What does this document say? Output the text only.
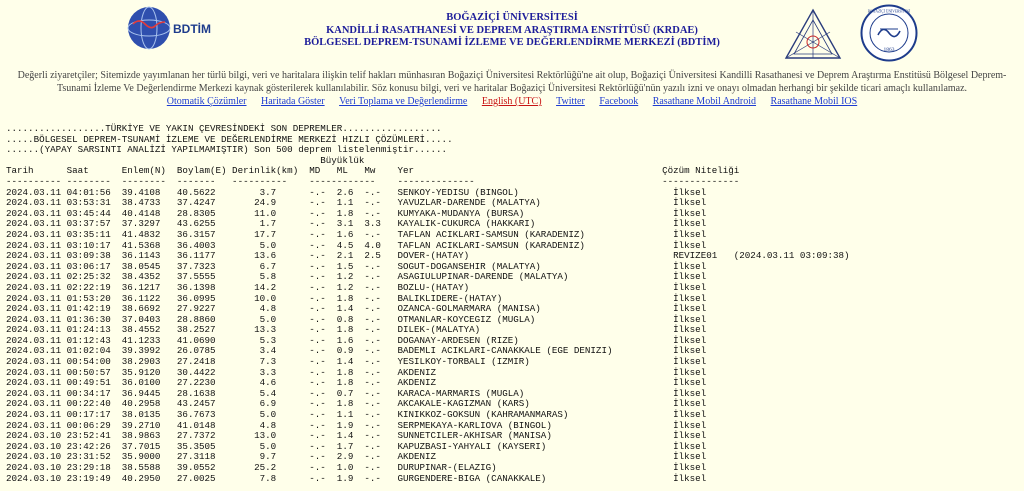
BDTİM
BOĞAZİÇİ ÜNİVERSİTESİ
KANDİLLİ RASATHANESİ VE DEPREM ARAŞTIRMA ENSTİTÜSÜ (KRDAE)
BÖLGESEL DEPREM-TSUNAMİ İZLEME VE DEĞERLENDİRME MERKEZİ (BDTİM)
1863
BOĞAZİÇİ ÜNİVERSİTESİ
Değerli ziyaretçiler; Sitemizde yayımlanan her türlü bilgi, veri ve haritalara ilişkin telif hakları münhasıran Boğaziçi Üniversitesi Rektörlüğü'ne ait olup, Boğaziçi Üniversitesi Kandilli Rasathanesi ve Deprem Araştırma Enstitüsü Bölgesel Deprem-Tsunami İzleme Ve Değerlendirme Merkezi kaynak gösterilerek kullanılabilir. Söz konusu bilgi, veri ve haritalar Boğaziçi Üniversitesi Rektörlüğü'nün yazılı izni ve onayı olmadan herhangi bir şekilde ticari amaçlı kullanılamaz.
Otomatik Çözümler Haritada Göster Veri Toplama ve Değerlendirme English (UTC) Twitter Facebook Rasathane Mobil Android Rasathane Mobil IOS
..................TÜRKİYE VE YAKIN ÇEVRESİNDEKİ SON DEPREMLER..................
.....BÖLGESEL DEPREM-TSUNAMİ İZLEME VE DEĞERLENDİRME MERKEZİ HIZLI ÇÖZÜMLERİ.....
......(YAPAY SARSINTI ANALİZİ YAPILMAMIŞTIR) Son 500 deprem listelenmiştir......
Büyüklük
Tarih      Saat      Enlem(N)  Boylam(E) Derinlik(km)  MD   ML   Mw    Yer                                             Çözüm Niteliği
---------- --------  --------  -------   ----------    ------------    --------------                                  --------------
2024.03.11 04:01:56  39.4108   40.5622        3.7      -.-  2.6  -.-   SENKOY-YEDISU (BINGOL)                            İlksel
2024.03.11 03:53:31  38.4733   37.4247       24.9      -.-  1.1  -.-   YAVUZLAR-DARENDE (MALATYA)                        İlksel
2024.03.11 03:45:44  40.4148   28.8305       11.0      -.-  1.8  -.-   KUMYAKA-MUDANYA (BURSA)                           İlksel
2024.03.11 03:37:57  37.3297   43.6255        1.7      -.-  3.1  3.3   KAYALIK-CUKURCA (HAKKARI)                         İlksel
2024.03.11 03:35:11  41.4832   36.3157       17.7      -.-  1.6  -.-   TAFLAN ACIKLARI-SAMSUN (KARADENIZ)                İlksel
2024.03.11 03:10:17  41.5368   36.4003        5.0      -.-  4.5  4.0   TAFLAN ACIKLARI-SAMSUN (KARADENIZ)                İlksel
2024.03.11 03:09:38  36.1143   36.1177       13.6      -.-  2.1  2.5   DOVER-(HATAY)                                     REVIZE01   (2024.03.11 03:09:38)
2024.03.11 03:06:17  38.0545   37.7323        6.7      -.-  1.5  -.-   SOGUT-DOGANSEHIR (MALATYA)                        İlksel
2024.03.11 02:25:32  38.4352   37.5555        5.8      -.-  1.2  -.-   ASAGIULUPINAR-DARENDE (MALATYA)                   İlksel
2024.03.11 02:22:19  36.1217   36.1398       14.2      -.-  1.2  -.-   BOZLU-(HATAY)                                     İlksel
2024.03.11 01:53:20  36.1122   36.0995       10.0      -.-  1.8  -.-   BALIKLIDERE-(HATAY)                               İlksel
2024.03.11 01:42:19  38.6692   27.9227        4.8      -.-  1.4  -.-   OZANCA-GOLMARMARA (MANISA)                        İlksel
2024.03.11 01:36:30  37.0403   28.8860        5.0      -.-  0.8  -.-   OTMANLAR-KOYCEGIZ (MUGLA)                         İlksel
2024.03.11 01:24:13  38.4552   38.2527       13.3      -.-  1.8  -.-   DILEK-(MALATYA)                                   İlksel
2024.03.11 01:12:43  41.1233   41.0690        5.3      -.-  1.6  -.-   DOGANAY-ARDESEN (RIZE)                            İlksel
2024.03.11 01:02:04  39.3992   26.0785        3.4      -.-  0.9  -.-   BADEMLI ACIKLARI-CANAKKALE (EGE DENIZI)           İlksel
2024.03.11 00:54:00  38.2903   27.2418        7.3      -.-  1.4  -.-   YESILKOY-TORBALI (IZMIR)                          İlksel
2024.03.11 00:50:57  35.9120   30.4422        3.3      -.-  1.8  -.-   AKDENIZ                                           İlksel
2024.03.11 00:49:51  36.0100   27.2230        4.6      -.-  1.8  -.-   AKDENIZ                                           İlksel
2024.03.11 00:34:17  36.9445   28.1638        5.4      -.-  0.7  -.-   KARACA-MARMARIS (MUGLA)                           İlksel
2024.03.11 00:22:40  40.2958   43.2457        6.9      -.-  1.8  -.-   AKCAKALE-KAGIZMAN (KARS)                          İlksel
2024.03.11 00:17:17  38.0135   36.7673        5.0      -.-  1.1  -.-   KINIKKOZ-GOKSUN (KAHRAMANMARAS)                   İlksel
2024.03.11 00:06:29  39.2710   41.0148        4.8      -.-  1.9  -.-   SERPMEKAYA-KARLIOVA (BINGOL)                      İlksel
2024.03.10 23:52:41  38.9863   27.7372       13.0      -.-  1.4  -.-   SUNNETCILER-AKHISAR (MANISA)                      İlksel
2024.03.10 23:42:26  37.7015   35.3505        5.0      -.-  1.7  -.-   KAPUZBASI-YAHYALI (KAYSERI)                       İlksel
2024.03.10 23:31:52  35.9000   27.3118        9.7      -.-  2.9  -.-   AKDENIZ                                           İlksel
2024.03.10 23:29:18  38.5588   39.0552       25.2      -.-  1.0  -.-   DURUPINAR-(ELAZIG)                                İlksel
2024.03.10 23:19:49  40.2950   27.0025        7.8      -.-  1.9  -.-   GURGENDERE-BIGA (CANAKKALE)                       İlksel
